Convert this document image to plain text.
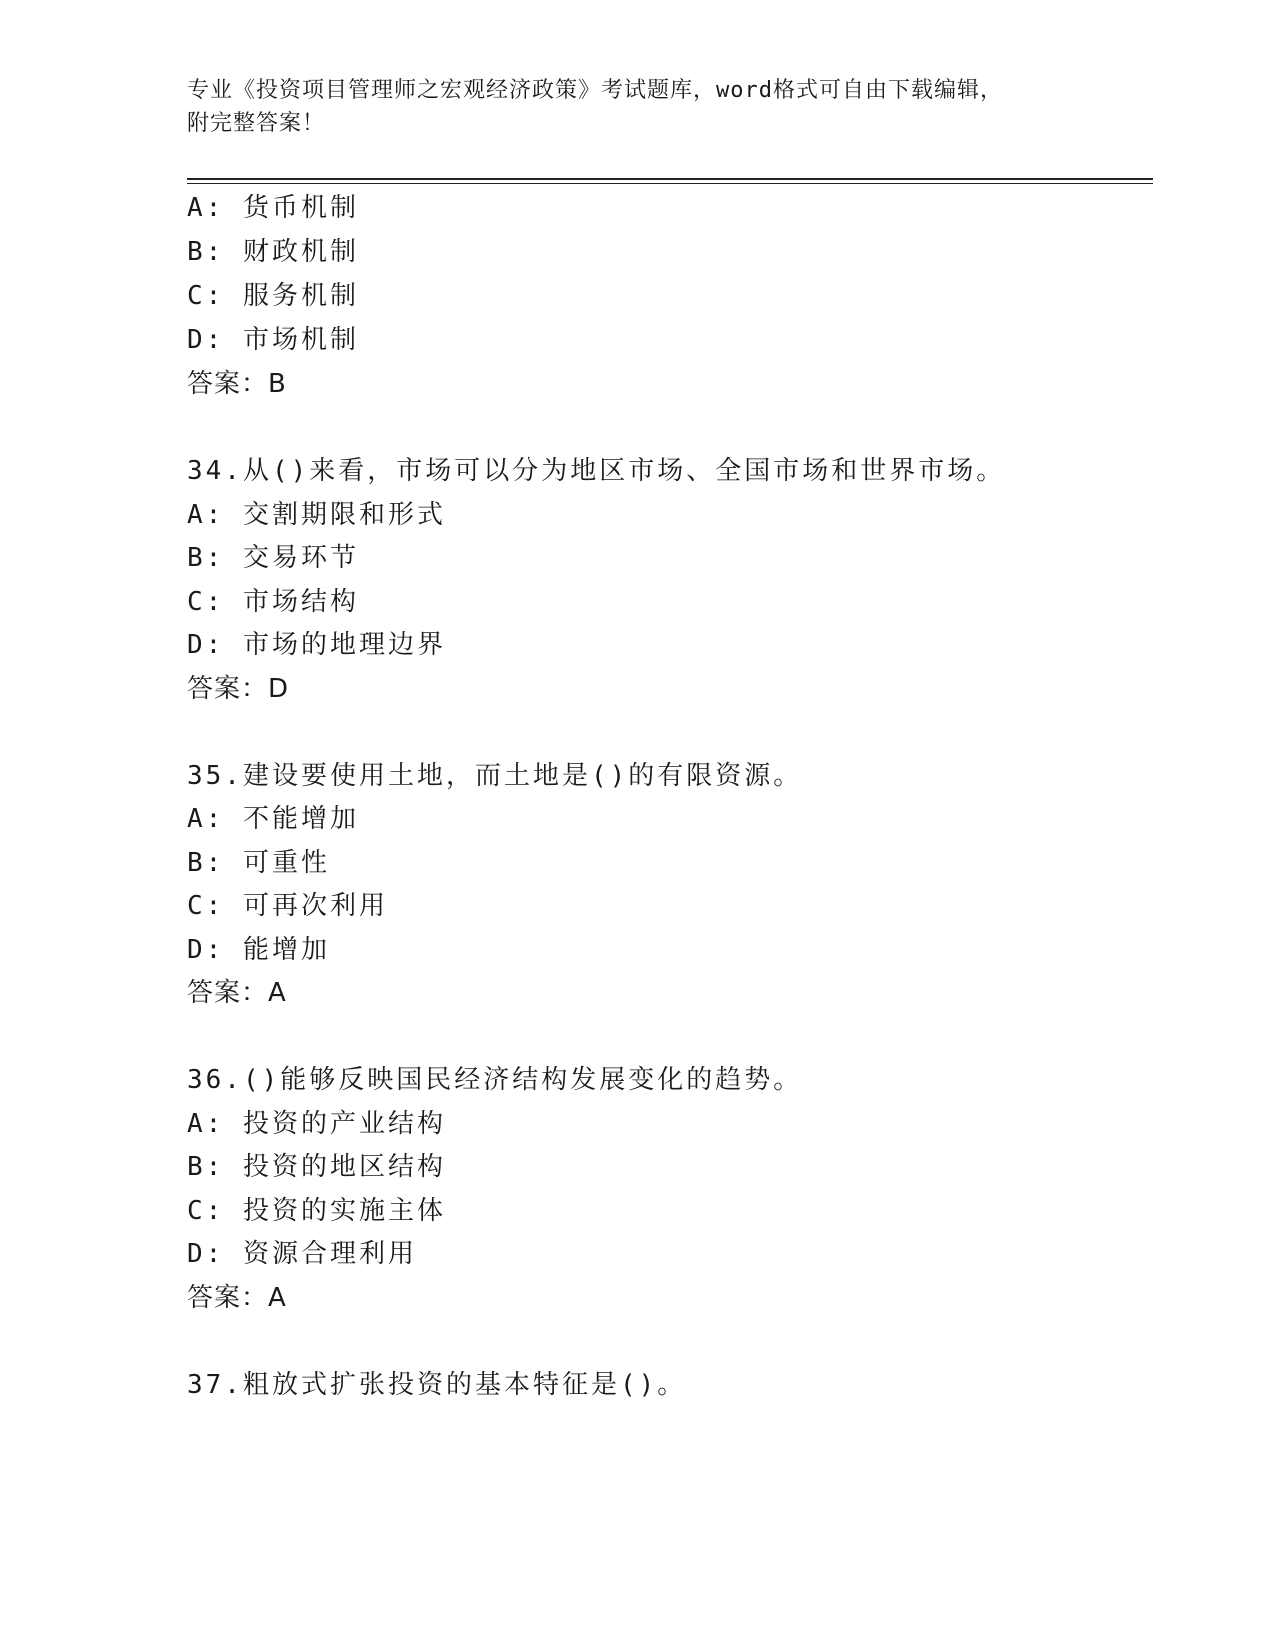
专业《投资项目管理师之宏观经济政策》考试题库，word格式可自由下载编辑，
附完整答案！
A: 货币机制
B: 财政机制
C: 服务机制
D: 市场机制
答案：B
34.从()来看，市场可以分为地区市场、全国市场和世界市场。
A: 交割期限和形式
B: 交易环节
C: 市场结构
D: 市场的地理边界
答案：D
35.建设要使用土地，而土地是()的有限资源。
A: 不能增加
B: 可重性
C: 可再次利用
D: 能增加
答案：A
36.()能够反映国民经济结构发展变化的趋势。
A: 投资的产业结构
B: 投资的地区结构
C: 投资的实施主体
D: 资源合理利用
答案：A
37.粗放式扩张投资的基本特征是()。
